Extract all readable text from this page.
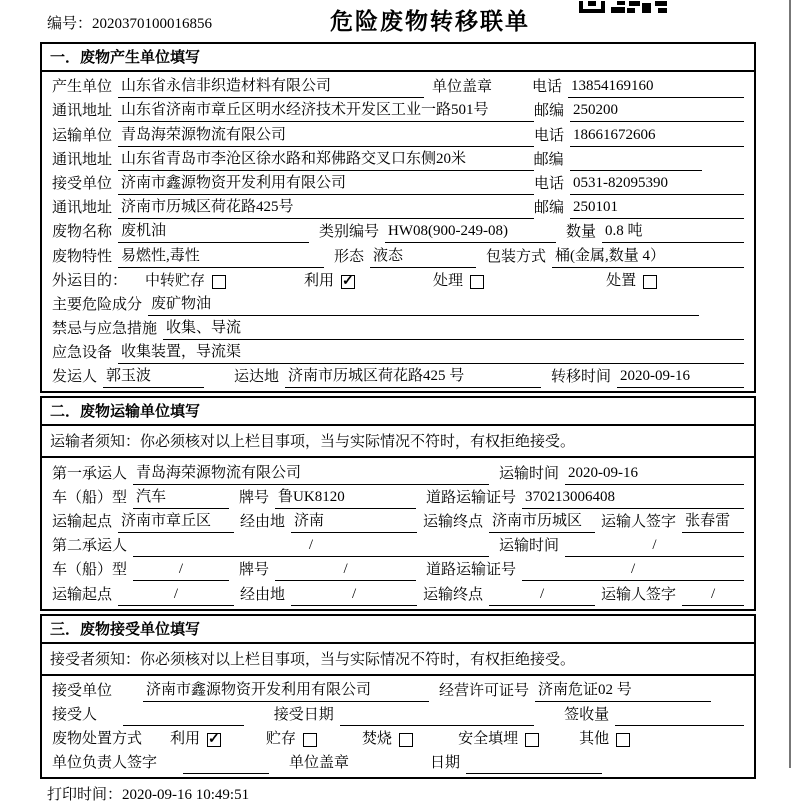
编号：2020370100016856	危险废物转移联单
一．废物产生单位填写
产生单位 山东省永信非织造材料有限公司	单位盖章	电话 13854169160
通讯地址 山东省济南市章丘区明水经济技术开发区工业一路501号	邮编 250200
运输单位 青岛海荣源物流有限公司	电话 18661672606
通讯地址 山东省青岛市李沧区徐水路和郑佛路交叉口东侧20米	邮编
接受单位 济南市鑫源物资开发利用有限公司	电话 0531-82095390
通讯地址 济南市历城区荷花路425号	邮编 250101
废物名称 废机油	类别编号 HW08(900-249-08)	数量 0.8 吨
废物特性 易燃性,毒性	形态 液态	包装方式 桶(金属,数量 4）
外运目的： 中转贮存	利用 ✓	处理	处置
主要危险成分 废矿物油
禁忌与应急措施 收集、导流
应急设备 收集装置，导流渠
发运人 郭玉波	运达地 济南市历城区荷花路425 号	转移时间 2020-09-16
二．废物运输单位填写
运输者须知：你必须核对以上栏目事项，当与实际情况不符时，有权拒绝接受。
第一承运人 青岛海荣源物流有限公司	运输时间 2020-09-16
车（船）型 汽车	牌号 鲁UK8120	道路运输证号 370213006408
运输起点 济南市章丘区	经由地 济南	运输终点 济南市历城区	运输人签字 张春雷
第二承运人	/	运输时间	/
车（船）型	/	牌号	/	道路运输证号	/
运输起点	/	经由地	/	运输终点	/	运输人签字	/
三．废物接受单位填写
接受者须知：你必须核对以上栏目事项，当与实际情况不符时，有权拒绝接受。
接受单位 济南市鑫源物资开发利用有限公司	经营许可证号 济南危证02 号
接受人	接受日期	签收量
废物处置方式 利用 ✓	贮存	焚烧	安全填埋	其他
单位负责人签字	单位盖章	日期
打印时间：2020-09-16 10:49:51
